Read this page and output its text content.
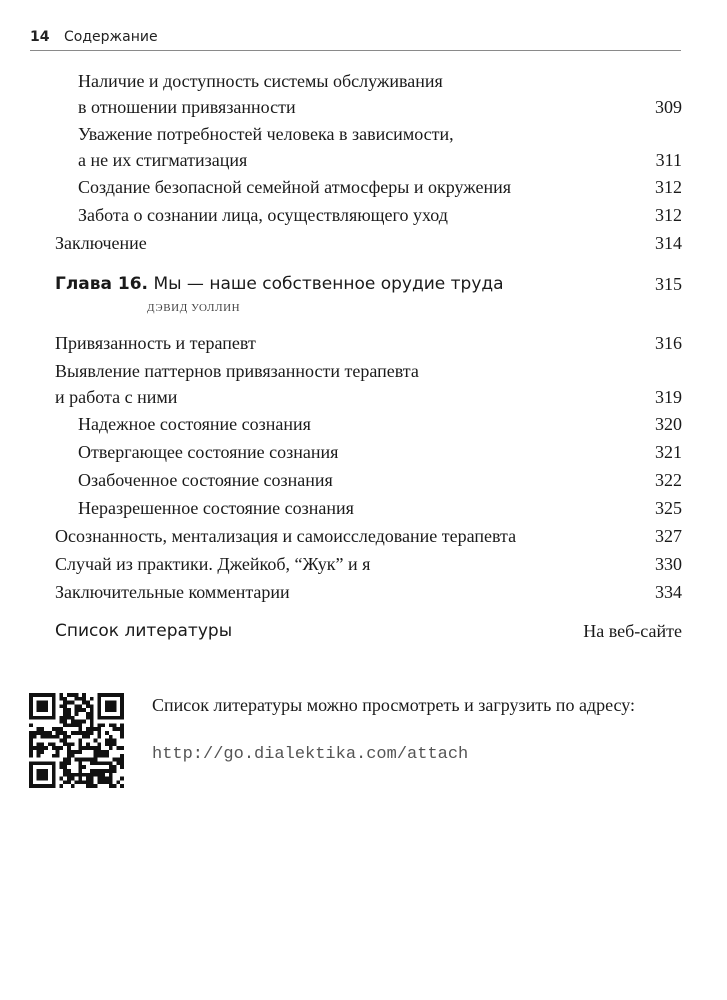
14 Содержание
Наличие и доступность системы обслуживания
в отношении привязанности	309
Уважение потребностей человека в зависимости,
а не их стигматизация	311
Создание безопасной семейной атмосферы и окружения	312
Забота о сознании лица, осуществляющего уход	312
Заключение	314
Глава 16. Мы — наше собственное орудие труда	315
ДЭВИД УОЛЛИН
Привязанность и терапевт	316
Выявление паттернов привязанности терапевта
и работа с ними	319
Надежное состояние сознания	320
Отвергающее состояние сознания	321
Озабоченное состояние сознания	322
Неразрешенное состояние сознания	325
Осознанность, ментализация и самоисследование терапевта	327
Случай из практики. Джейкоб, “Жук” и я	330
Заключительные комментарии	334
Список литературы	На веб-сайте
Список литературы можно просмотреть и загрузить по адресу:
http://go.dialektika.com/attach
